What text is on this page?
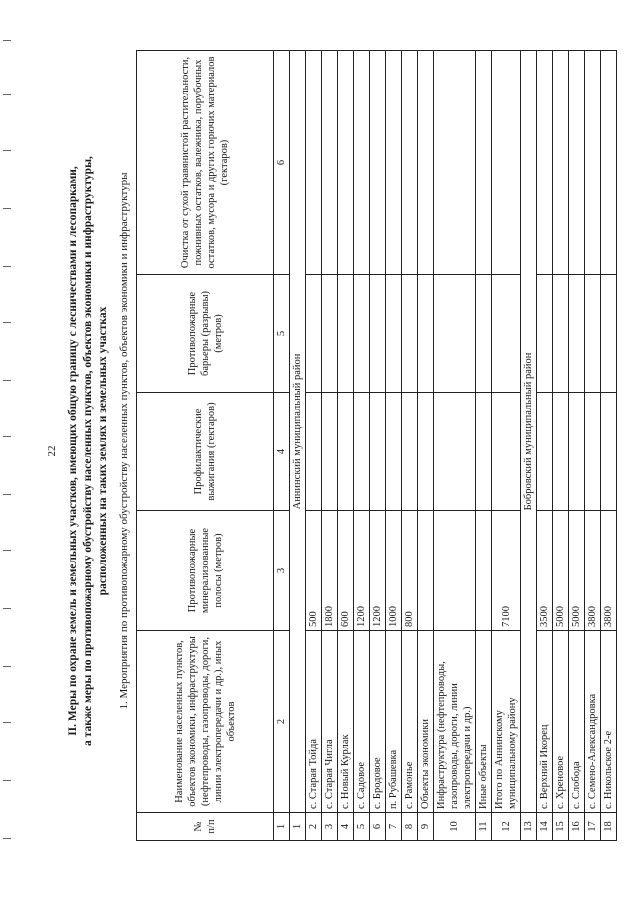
22 II. Меры по охране земель и земельных участков, имеющих общую границу с лесничествами и лесопарками, а также меры по противопожарному обустройству населенных пунктов, объектов экономики и инфраструктуры, расположенных на таких землях и земельных участках 1. Мероприятия по противопожарному обустройству населенных пунктов, объектов экономики и инфраструктуры
№ п/п	Наименование населенных пунктов, объектов экономики, инфраструктуры (нефтепроводы, газопроводы, дороги, линии электропередачи и др.), иных объектов	Противопожарные минерализованные полосы (метров)	Профилактические выжигания (гектаров)	Противопожарные барьеры (разрывы) (метров)	Очистка от сухой травянистой растительности, пожнивных остатков, валежника, порубочных остатков, мусора и других горючих материалов (гектаров)
1	2	3	4	5	6
1	Аннинский муниципальный район				
2	с. Старая Тойда	500			
3	с. Старая Чигла	1800			
4	с. Новый Курлак	600			
5	с. Садовое	1200			
6	с. Бродовое	1200			
7	п. Рубашевка	1000			
8	с. Рамонье	800			
9	Объекты экономики				
10	Инфраструктура (нефтепроводы, газопроводы, дороги, линии электропередачи и др.)				
11	Иные объекты				
12	Итого по Аннинскому муниципальному району	7100			
13	Бобровский муниципальный район				
14	с. Верхний Икорец	3500			
15	с. Хреновое	5000			
16	с. Слобода	5000			
17	с. Семено-Александровка	3800			
18	с. Никольское 2-е	3800			
